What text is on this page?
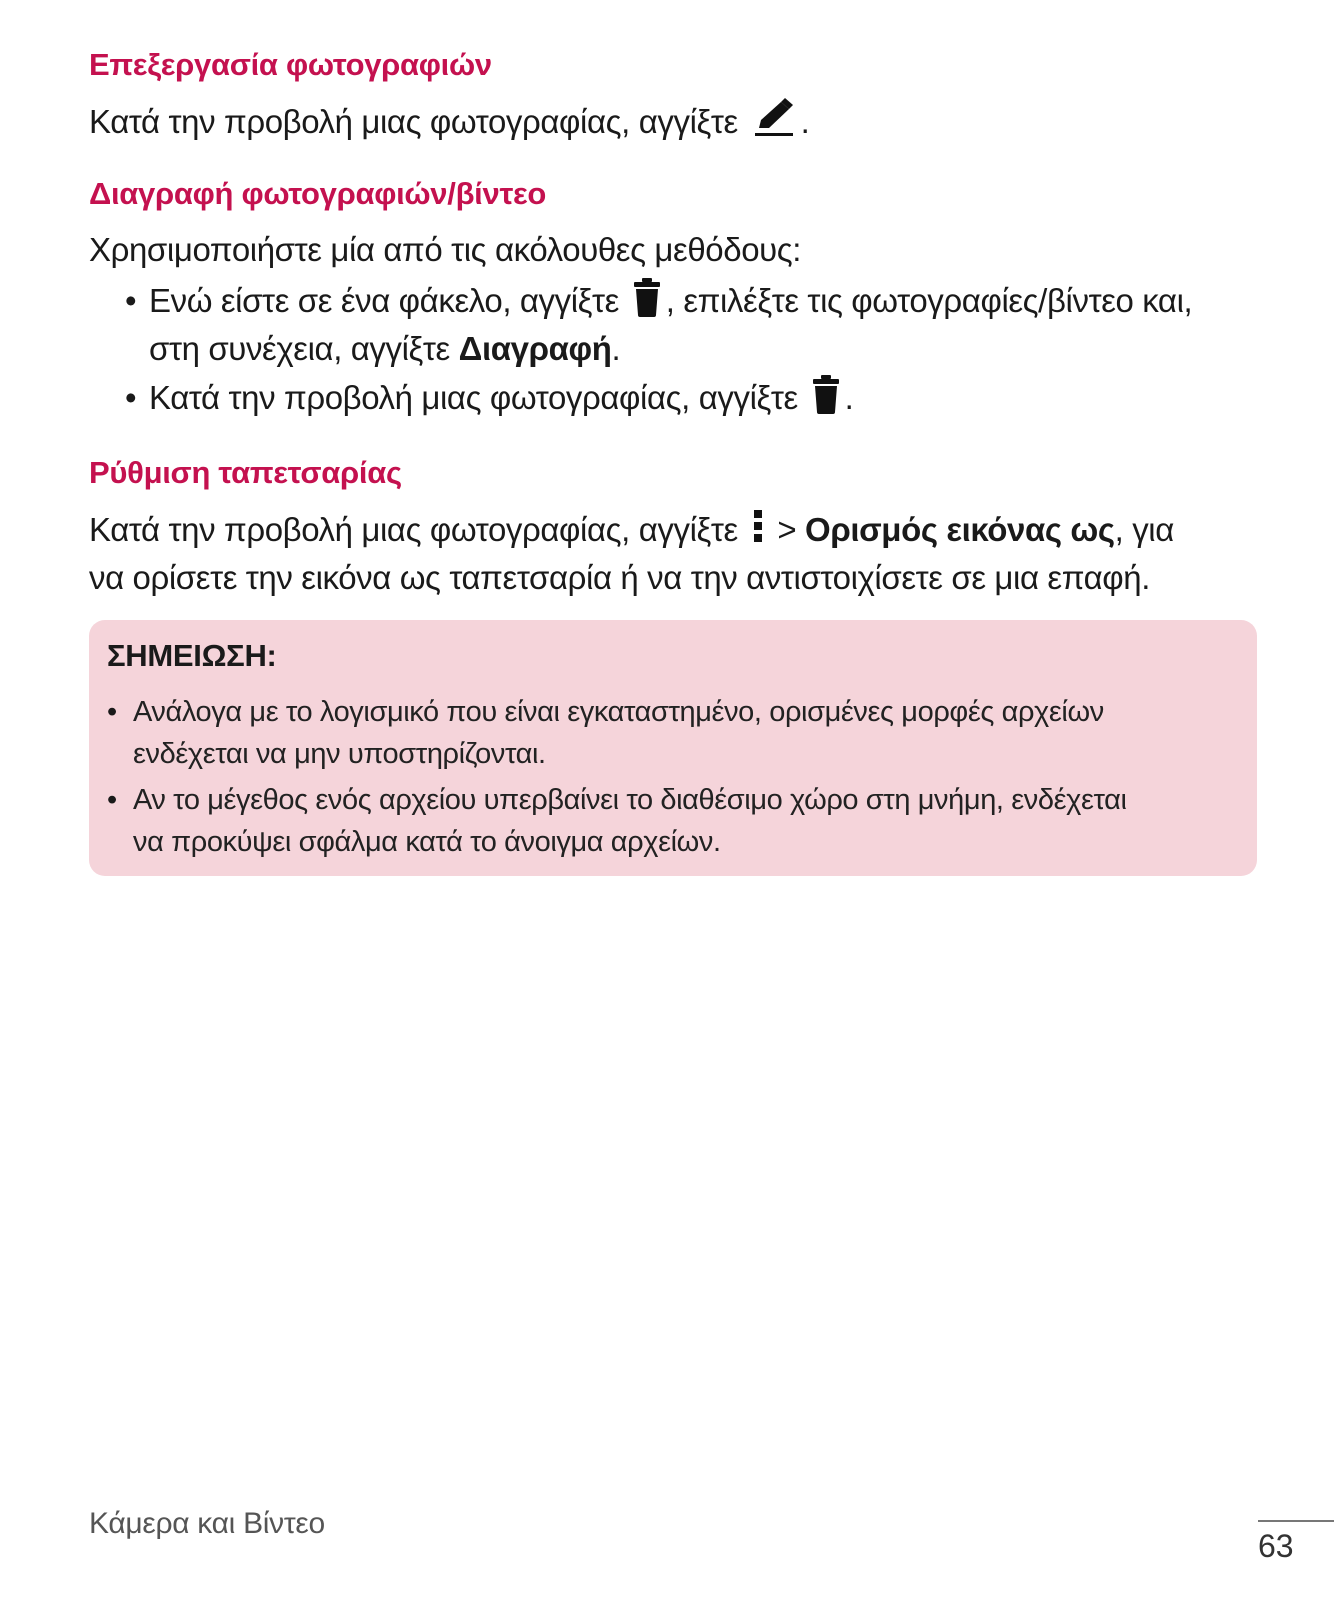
Επεξεργασία φωτογραφιών
Κατά την προβολή μιας φωτογραφίας, αγγίξτε .
Διαγραφή φωτογραφιών/βίντεο
Χρησιμοποιήστε μία από τις ακόλουθες μεθόδους:
• Ενώ είστε σε ένα φάκελο, αγγίξτε , επιλέξτε τις φωτογραφίες/βίντεο και,
στη συνέχεια, αγγίξτε Διαγραφή.
• Κατά την προβολή μιας φωτογραφίας, αγγίξτε .
Ρύθμιση ταπετσαρίας
Κατά την προβολή μιας φωτογραφίας, αγγίξτε > Ορισμός εικόνας ως, για
να ορίσετε την εικόνα ως ταπετσαρία ή να την αντιστοιχίσετε σε μια επαφή.
ΣΗΜΕΙΩΣΗ:
• Ανάλογα με το λογισμικό που είναι εγκαταστημένο, ορισμένες μορφές αρχείων
ενδέχεται να μην υποστηρίζονται.
• Αν το μέγεθος ενός αρχείου υπερβαίνει το διαθέσιμο χώρο στη μνήμη, ενδέχεται
να προκύψει σφάλμα κατά το άνοιγμα αρχείων.
Κάμερα και Βίντεο
63
